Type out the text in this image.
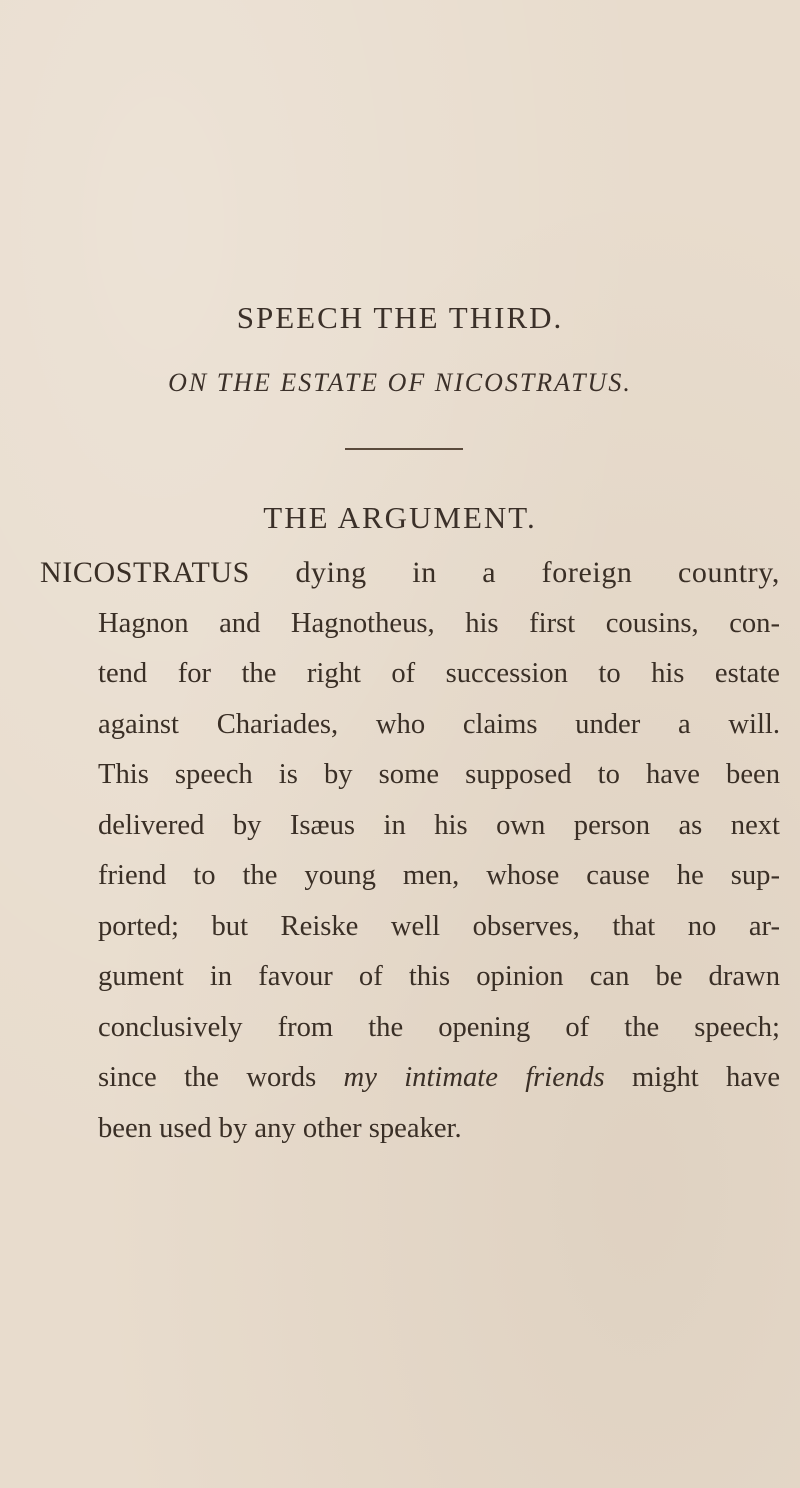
SPEECH THE THIRD.
ON THE ESTATE OF NICOSTRATUS.
THE ARGUMENT.
NICOSTRATUS dying in a foreign country,
Hagnon and Hagnotheus, his first cousins, con-
tend for the right of succession to his estate
against Chariades, who claims under a will.
This speech is by some supposed to have been
delivered by Isæus in his own person as next
friend to the young men, whose cause he sup-
ported; but Reiske well observes, that no ar-
gument in favour of this opinion can be drawn
conclusively from the opening of the speech;
since the words my intimate friends might have
been used by any other speaker.
